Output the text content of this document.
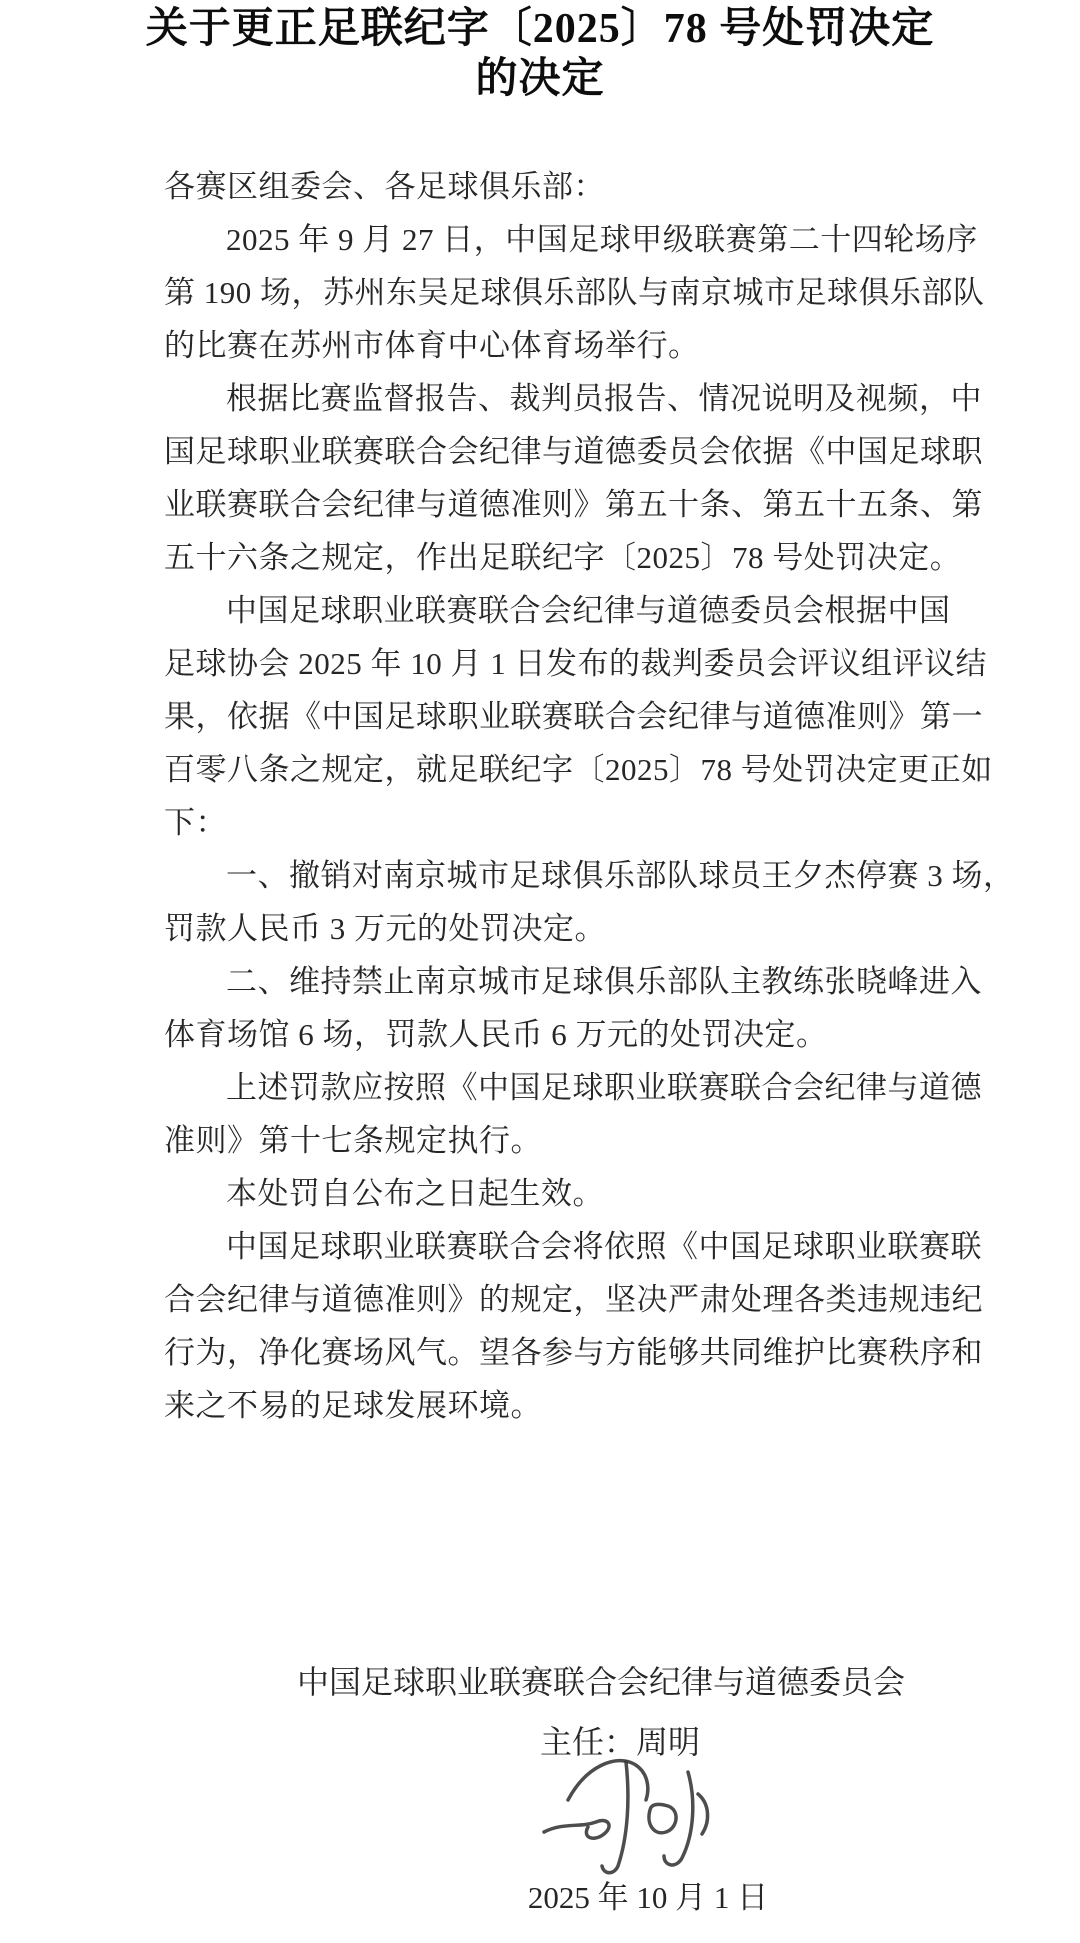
关于更正足联纪字〔2025〕78 号处罚决定
的决定
各赛区组委会、各足球俱乐部：
2025 年 9 月 27 日，中国足球甲级联赛第二十四轮场序
第 190 场，苏州东吴足球俱乐部队与南京城市足球俱乐部队
的比赛在苏州市体育中心体育场举行。
根据比赛监督报告、裁判员报告、情况说明及视频，中
国足球职业联赛联合会纪律与道德委员会依据《中国足球职
业联赛联合会纪律与道德准则》第五十条、第五十五条、第
五十六条之规定，作出足联纪字〔2025〕78 号处罚决定。
中国足球职业联赛联合会纪律与道德委员会根据中国
足球协会 2025 年 10 月 1 日发布的裁判委员会评议组评议结
果，依据《中国足球职业联赛联合会纪律与道德准则》第一
百零八条之规定，就足联纪字〔2025〕78 号处罚决定更正如
下：
一、撤销对南京城市足球俱乐部队球员王夕杰停赛 3 场，
罚款人民币 3 万元的处罚决定。
二、维持禁止南京城市足球俱乐部队主教练张晓峰进入
体育场馆 6 场，罚款人民币 6 万元的处罚决定。
上述罚款应按照《中国足球职业联赛联合会纪律与道德
准则》第十七条规定执行。
本处罚自公布之日起生效。
中国足球职业联赛联合会将依照《中国足球职业联赛联
合会纪律与道德准则》的规定，坚决严肃处理各类违规违纪
行为，净化赛场风气。望各参与方能够共同维护比赛秩序和
来之不易的足球发展环境。
中国足球职业联赛联合会纪律与道德委员会
主任：周明
2025 年 10 月 1 日
